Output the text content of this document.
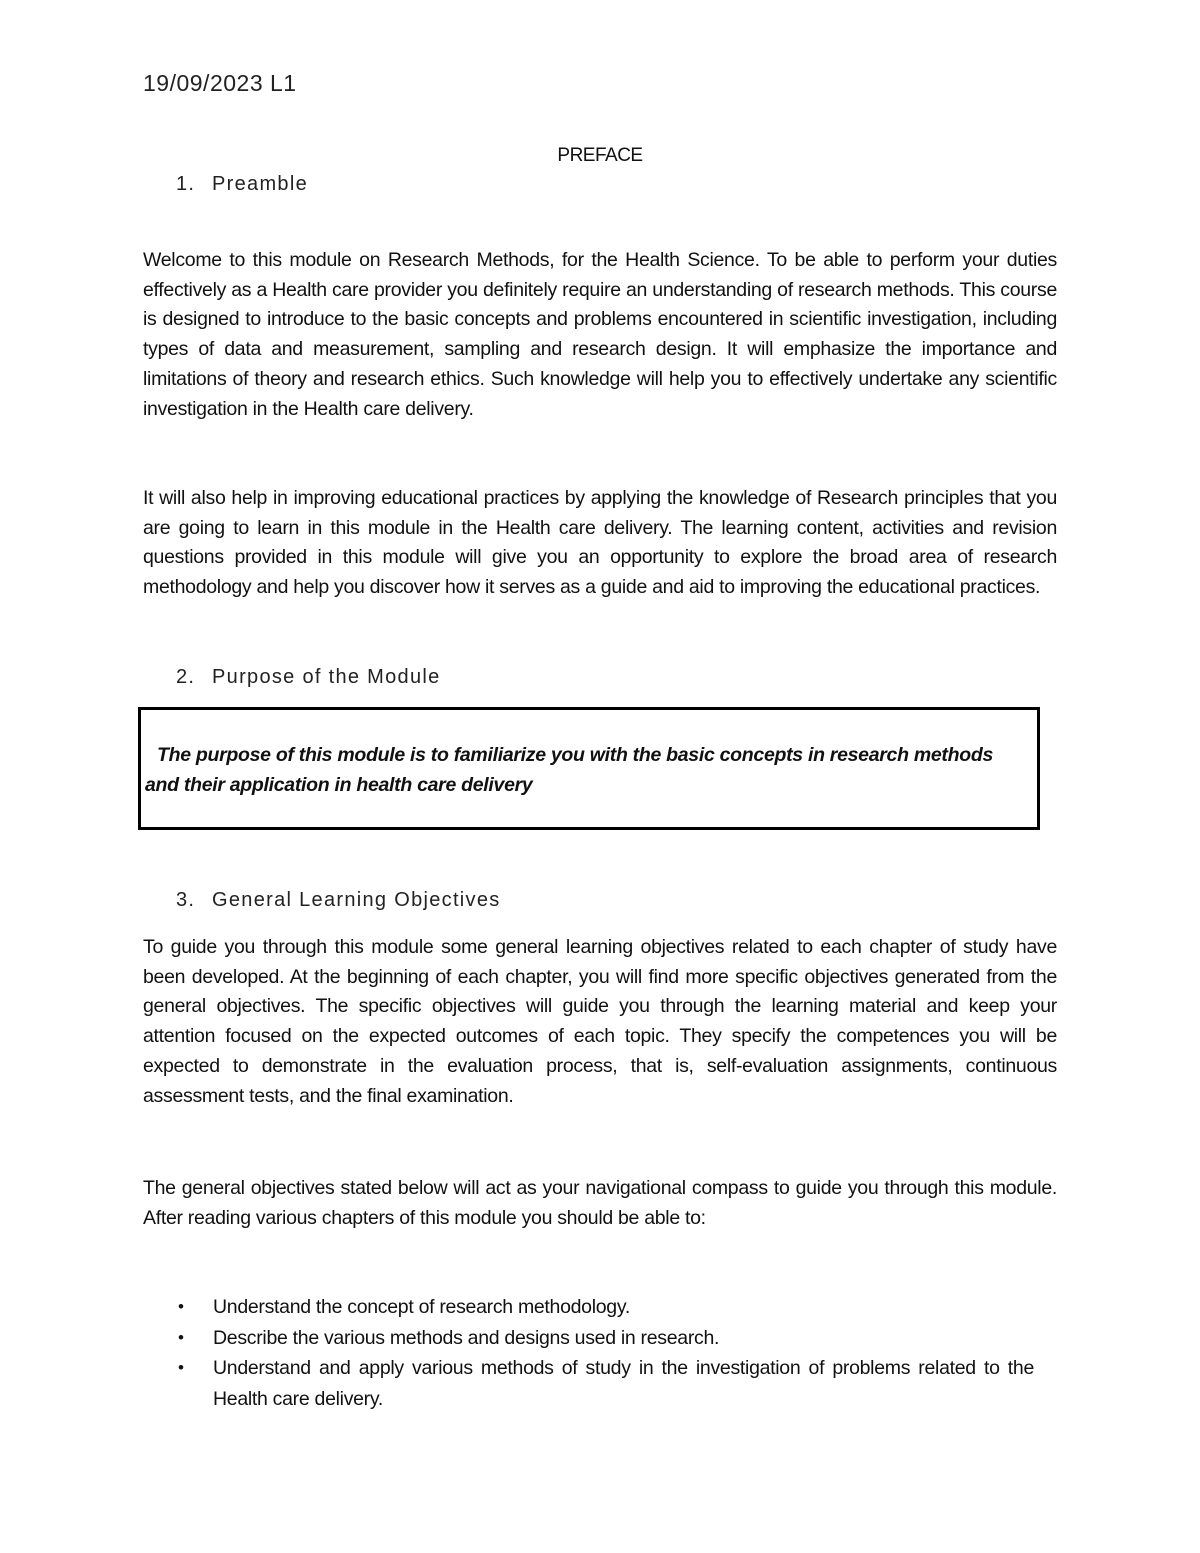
19/09/2023 L1
PREFACE
1. Preamble
Welcome to this module on Research Methods, for the Health Science. To be able to perform your duties effectively as a Health care provider you definitely require an understanding of research methods. This course is designed to introduce to the basic concepts and problems encountered in scientific investigation, including types of data and measurement, sampling and research design. It will emphasize the importance and limitations of theory and research ethics. Such knowledge will help you to effectively undertake any scientific investigation in the Health care delivery.
It will also help in improving educational practices by applying the knowledge of Research principles that you are going to learn in this module in the Health care delivery. The learning content, activities and revision questions provided in this module will give you an opportunity to explore the broad area of research methodology and help you discover how it serves as a guide and aid to improving the educational practices.
2. Purpose of the Module
The purpose of this module is to familiarize you with the basic concepts in research methods and their application in health care delivery
3. General Learning Objectives
To guide you through this module some general learning objectives related to each chapter of study have been developed. At the beginning of each chapter, you will find more specific objectives generated from the general objectives. The specific objectives will guide you through the learning material and keep your attention focused on the expected outcomes of each topic. They specify the competences you will be expected to demonstrate in the evaluation process, that is, self-evaluation assignments, continuous assessment tests, and the final examination.
The general objectives stated below will act as your navigational compass to guide you through this module. After reading various chapters of this module you should be able to:
• Understand the concept of research methodology.
• Describe the various methods and designs used in research.
• Understand and apply various methods of study in the investigation of problems related to the Health care delivery.
